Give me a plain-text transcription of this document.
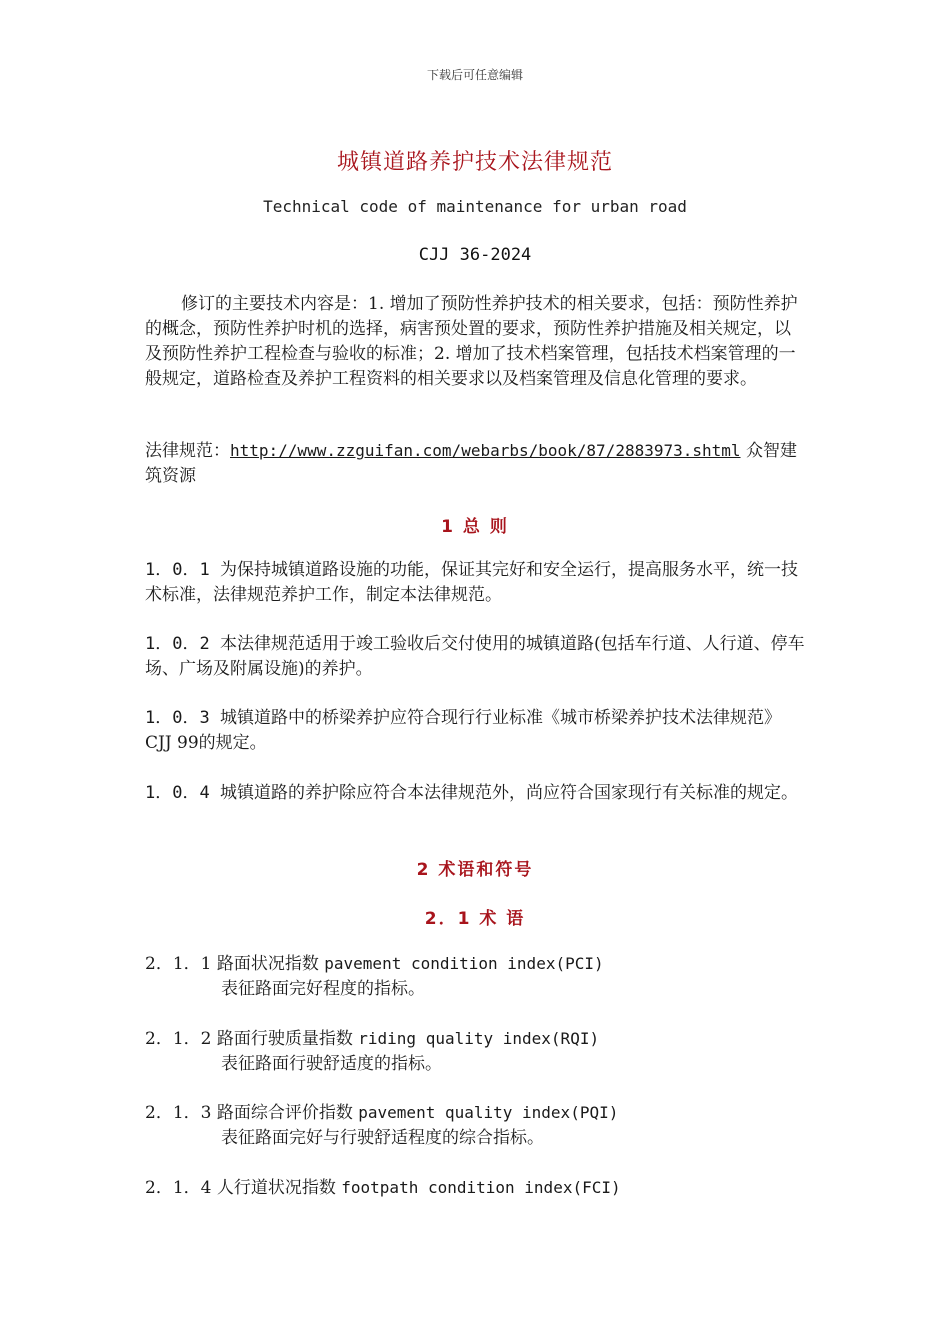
下载后可任意编辑
城镇道路养护技术法律规范
Technical code of maintenance for urban road
CJJ 36-2024
修订的主要技术内容是：1. 增加了预防性养护技术的相关要求，包括：预防性养护的概念，预防性养护时机的选择，病害预处置的要求，预防性养护措施及相关规定，以及预防性养护工程检查与验收的标准；2. 增加了技术档案管理，包括技术档案管理的一般规定，道路检查及养护工程资料的相关要求以及档案管理及信息化管理的要求。
法律规范：http://www.zzguifan.com/webarbs/book/87/2883973.shtml 众智建筑资源
1 总 则
1．0．1 为保持城镇道路设施的功能，保证其完好和安全运行，提高服务水平，统一技术标准，法律规范养护工作，制定本法律规范。
1．0．2 本法律规范适用于竣工验收后交付使用的城镇道路(包括车行道、人行道、停车场、广场及附属设施)的养护。
1．0．3 城镇道路中的桥梁养护应符合现行行业标准《城市桥梁养护技术法律规范》CJJ 99的规定。
1．0．4 城镇道路的养护除应符合本法律规范外，尚应符合国家现行有关标准的规定。
2 术语和符号
2．1 术 语
2．1．1 路面状况指数 pavement condition index(PCI)
表征路面完好程度的指标。
2．1．2 路面行驶质量指数 riding quality index(RQI)
表征路面行驶舒适度的指标。
2．1．3 路面综合评价指数 pavement quality index(PQI)
表征路面完好与行驶舒适程度的综合指标。
2．1．4 人行道状况指数 footpath condition index(FCI)
